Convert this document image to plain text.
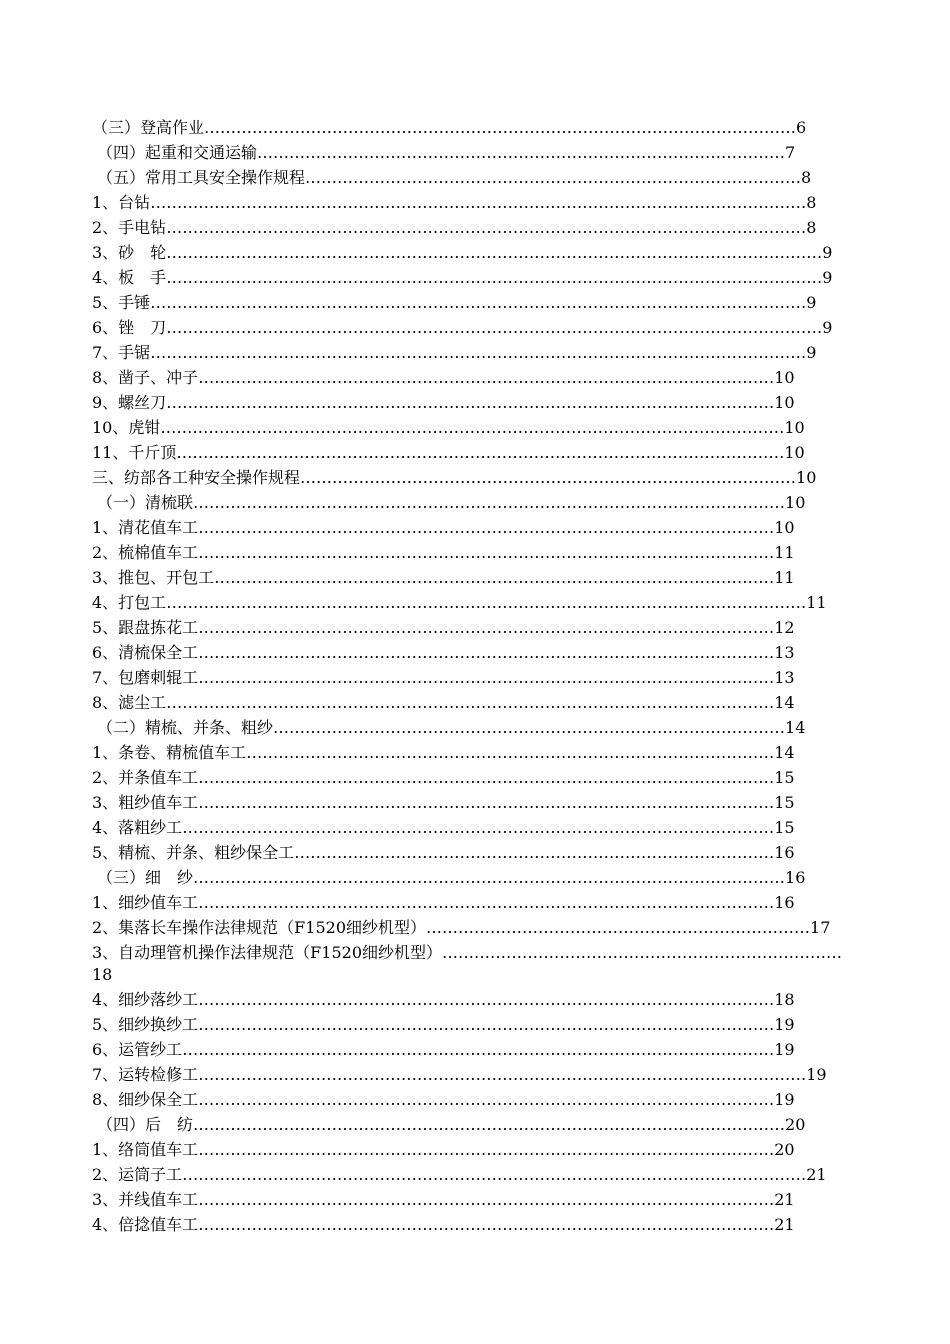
（三）登高作业…………………………………………………………………………………………………6
（四）起重和交通运输………………………………………………………………………………………7
（五）常用工具安全操作规程…………………………………………………………………………………8
1、台钻……………………………………………………………………………………………………………8
2、手电钻…………………………………………………………………………………………………………8
3、砂　轮……………………………………………………………………………………………………………9
4、板　手……………………………………………………………………………………………………………9
5、手锤……………………………………………………………………………………………………………9
6、锉　刀……………………………………………………………………………………………………………9
7、手锯……………………………………………………………………………………………………………9
8、凿子、冲子………………………………………………………………………………………………10
9、螺丝刀……………………………………………………………………………………………………10
10、虎钳………………………………………………………………………………………………………10
11、千斤顶……………………………………………………………………………………………………10
三、纺部各工种安全操作规程…………………………………………………………………………………10
（一）清梳联…………………………………………………………………………………………………10
1、清花值车工………………………………………………………………………………………………10
2、梳棉值车工………………………………………………………………………………………………11
3、推包、开包工……………………………………………………………………………………………11
4、打包工…………………………………………………………………………………………………………11
5、跟盘拣花工………………………………………………………………………………………………12
6、清梳保全工………………………………………………………………………………………………13
7、包磨刺辊工………………………………………………………………………………………………13
8、滤尘工……………………………………………………………………………………………………14
（二）精梳、并条、粗纱……………………………………………………………………………………14
1、条卷、精梳值车工………………………………………………………………………………………14
2、并条值车工………………………………………………………………………………………………15
3、粗纱值车工………………………………………………………………………………………………15
4、落粗纱工…………………………………………………………………………………………………15
5、精梳、并条、粗纱保全工………………………………………………………………………………16
（三）细　纱…………………………………………………………………………………………………16
1、细纱值车工………………………………………………………………………………………………16
2、集落长车操作法律规范（F1520细纱机型）………………………………………………………………17
3、自动理管机操作法律规范（F1520细纱机型）…………………………………………………………………
18
4、细纱落纱工………………………………………………………………………………………………18
5、细纱换纱工………………………………………………………………………………………………19
6、运管纱工…………………………………………………………………………………………………19
7、运转检修工……………………………………………………………………………………………………19
8、细纱保全工………………………………………………………………………………………………19
（四）后　纺…………………………………………………………………………………………………20
1、络筒值车工………………………………………………………………………………………………20
2、运筒子工………………………………………………………………………………………………………21
3、并线值车工………………………………………………………………………………………………21
4、倍捻值车工………………………………………………………………………………………………21
